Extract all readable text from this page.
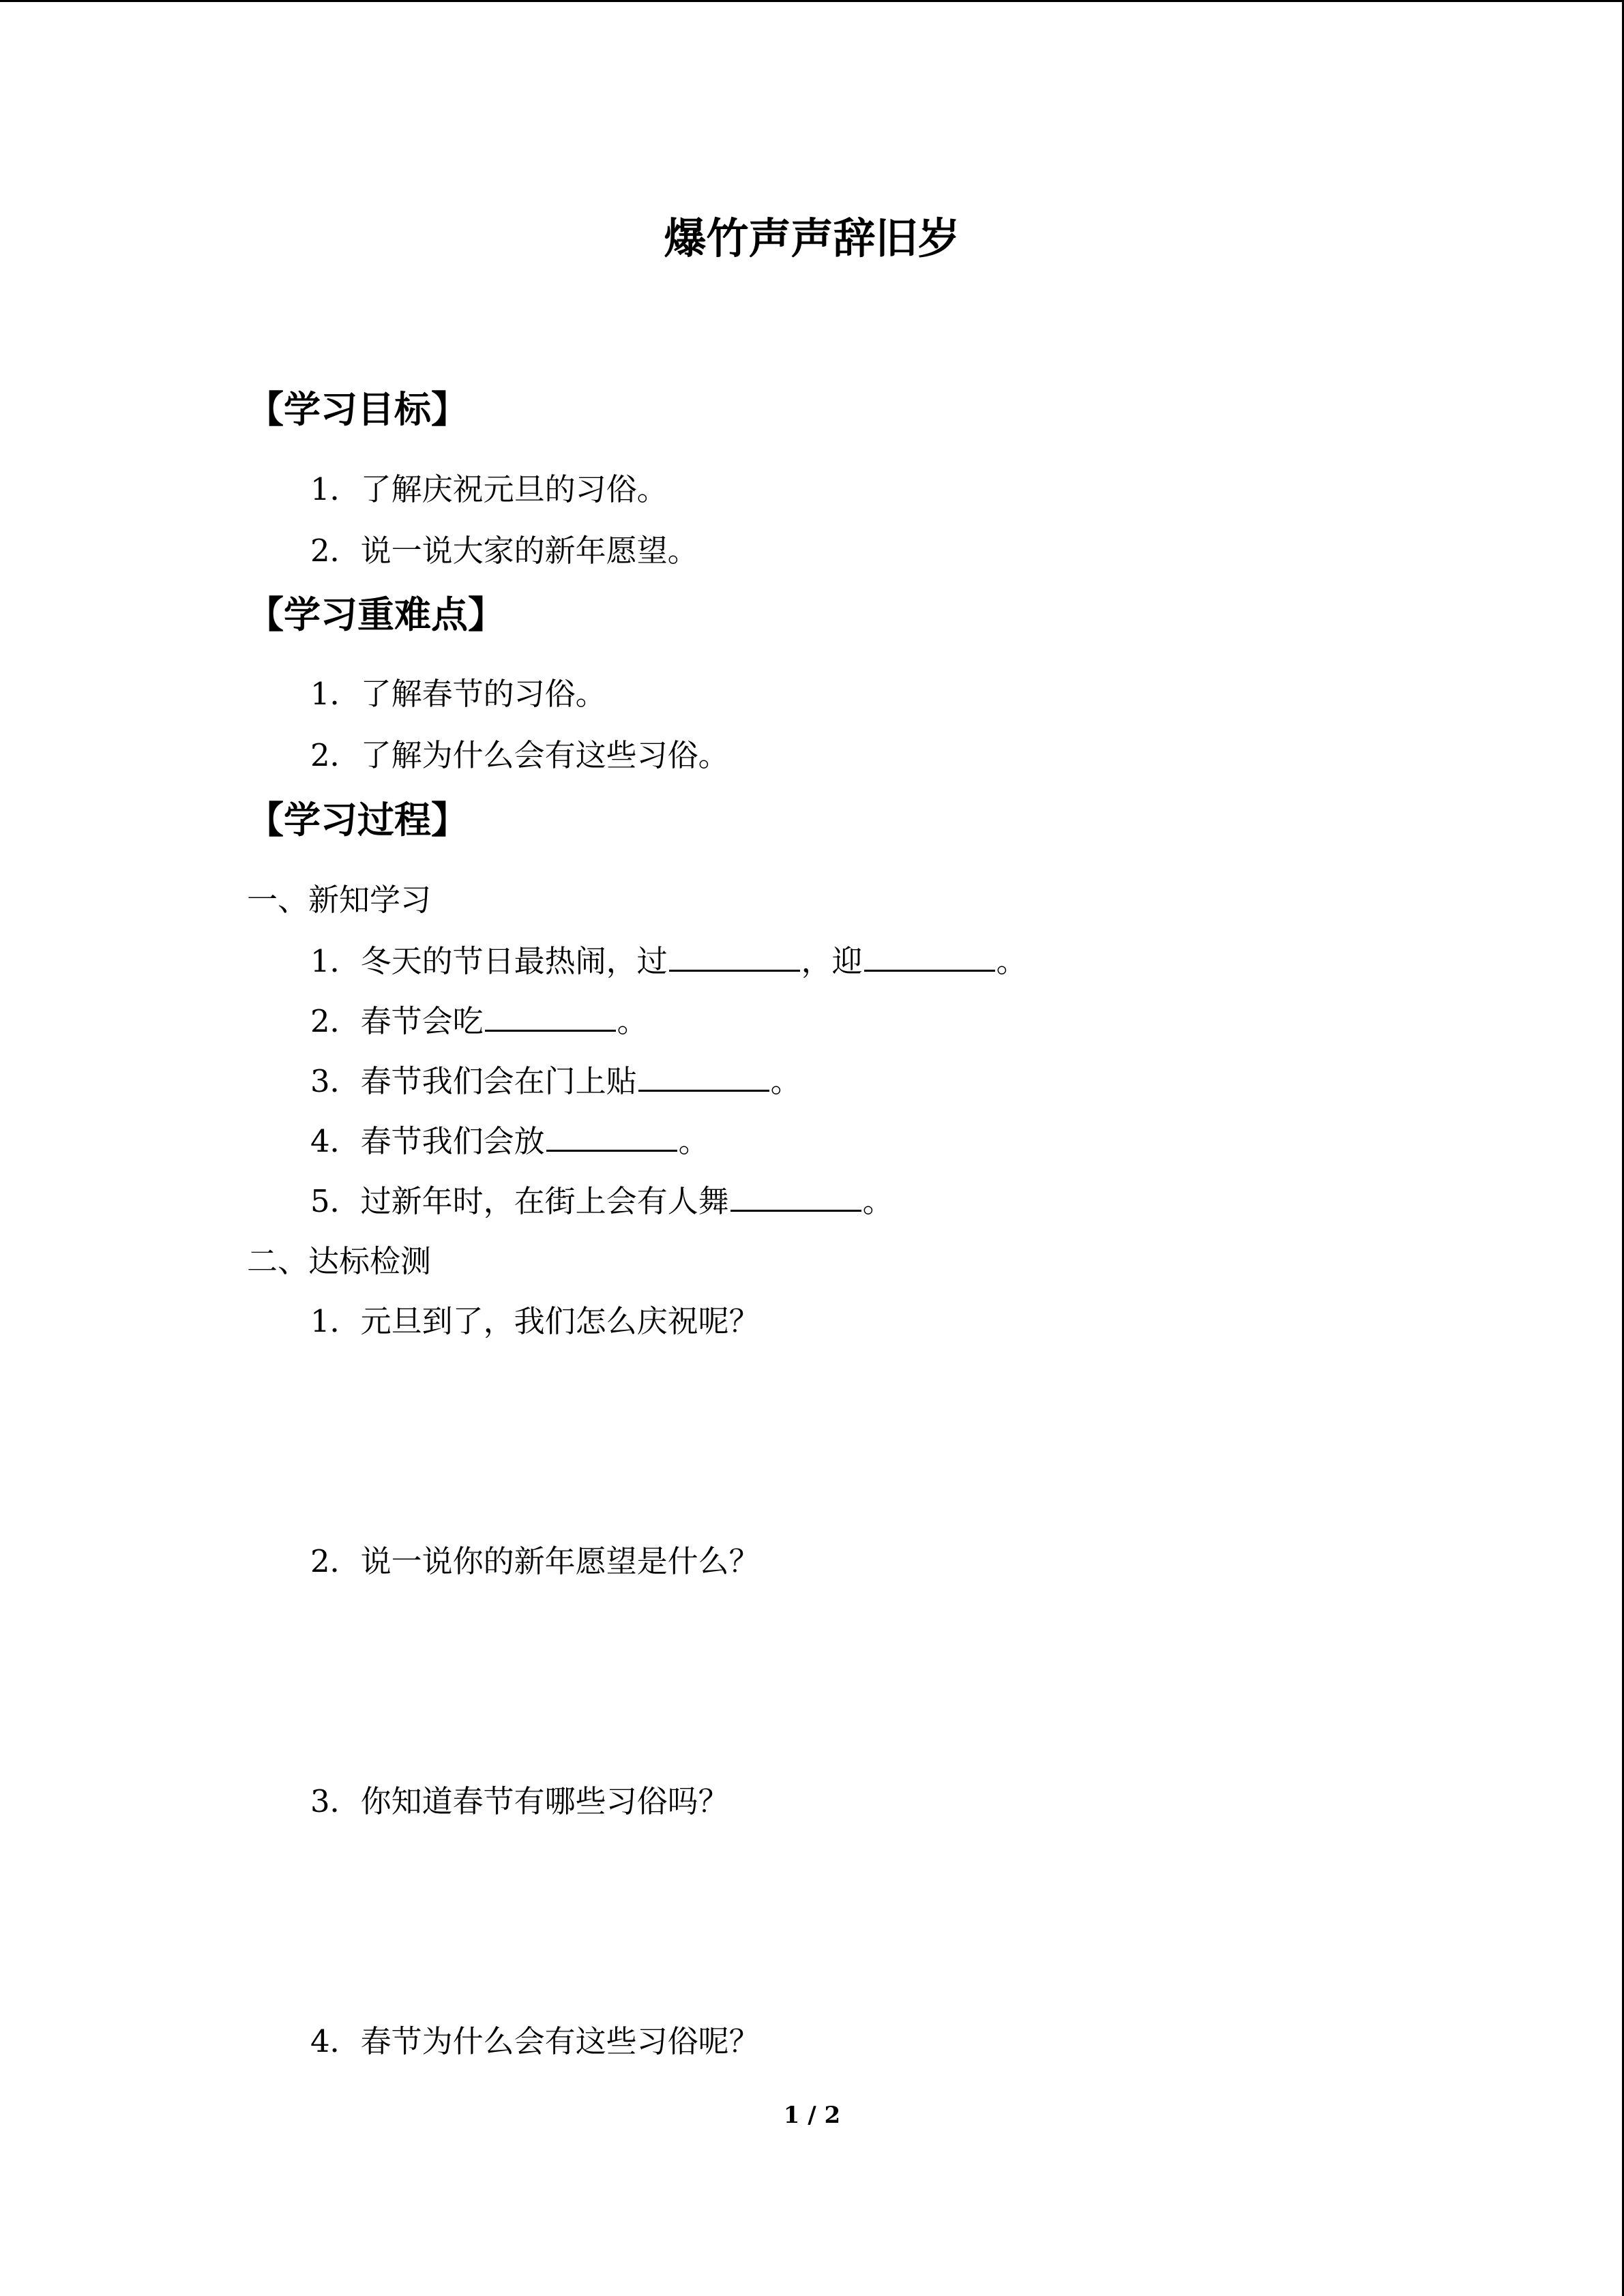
爆竹声声辞旧岁
【学习目标】
1．了解庆祝元旦的习俗。
2．说一说大家的新年愿望。
【学习重难点】
1．了解春节的习俗。
2．了解为什么会有这些习俗。
【学习过程】
一、新知学习
1．冬天的节日最热闹，过	，迎	。
2．春节会吃	。
3．春节我们会在门上贴	。
4．春节我们会放	。
5．过新年时，在街上会有人舞	。
二、达标检测
1．元旦到了，我们怎么庆祝呢？
2．说一说你的新年愿望是什么？
3．你知道春节有哪些习俗吗？
4．春节为什么会有这些习俗呢？
1 / 2
